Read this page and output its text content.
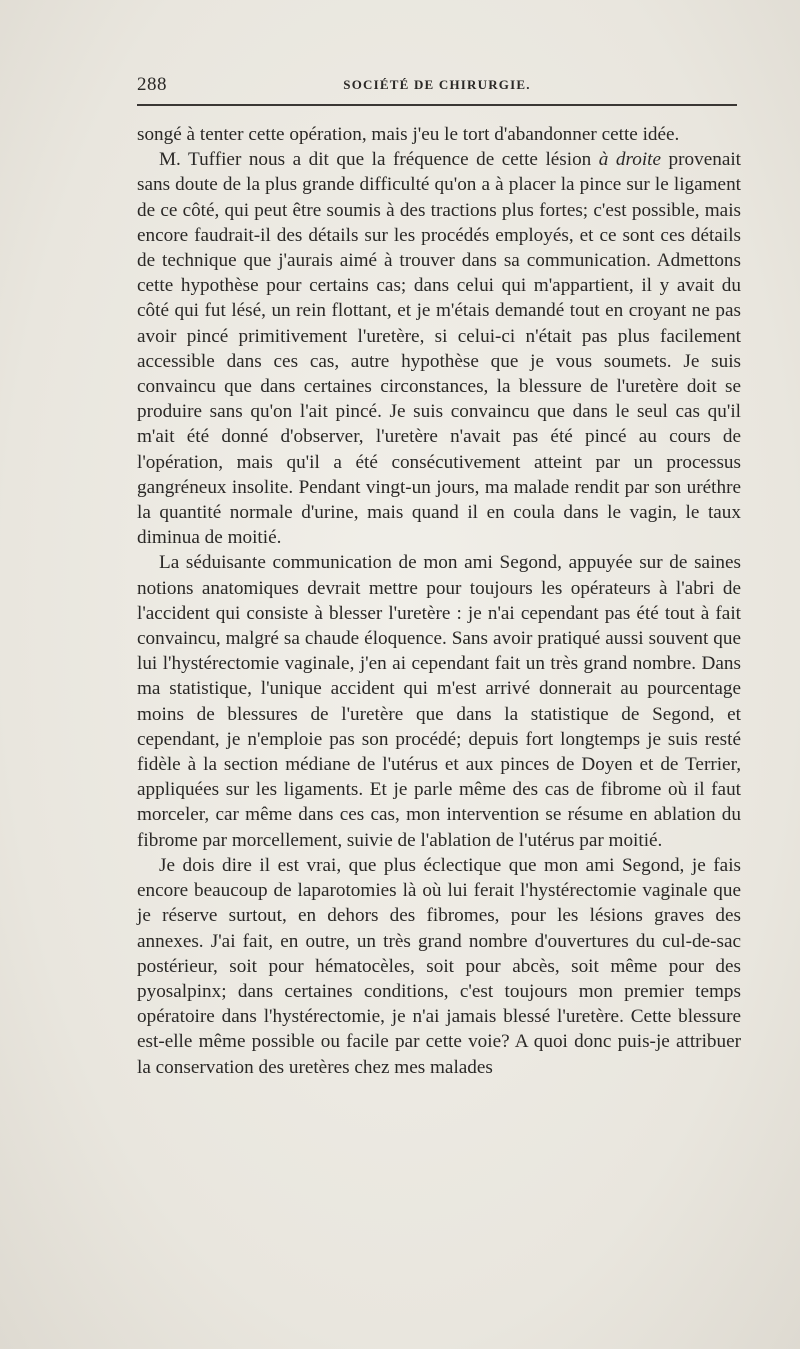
288	SOCIÉTÉ DE CHIRURGIE.

songé à tenter cette opération, mais j'eu le tort d'abandonner cette idée.

M. Tuffier nous a dit que la fréquence de cette lésion à droite provenait sans doute de la plus grande difficulté qu'on a à placer la pince sur le ligament de ce côté, qui peut être soumis à des tractions plus fortes; c'est possible, mais encore faudrait-il des détails sur les procédés employés, et ce sont ces détails de technique que j'aurais aimé à trouver dans sa communication. Admettons cette hypothèse pour certains cas; dans celui qui m'appartient, il y avait du côté qui fut lésé, un rein flottant, et je m'étais demandé tout en croyant ne pas avoir pincé primitivement l'uretère, si celui-ci n'était pas plus facilement accessible dans ces cas, autre hypothèse que je vous soumets. Je suis convaincu que dans certaines circonstances, la blessure de l'uretère doit se produire sans qu'on l'ait pincé. Je suis convaincu que dans le seul cas qu'il m'ait été donné d'observer, l'uretère n'avait pas été pincé au cours de l'opération, mais qu'il a été consécutivement atteint par un processus gangréneux insolite. Pendant vingt-un jours, ma malade rendit par son uréthre la quantité normale d'urine, mais quand il en coula dans le vagin, le taux diminua de moitié.

La séduisante communication de mon ami Segond, appuyée sur de saines notions anatomiques devrait mettre pour toujours les opérateurs à l'abri de l'accident qui consiste à blesser l'uretère : je n'ai cependant pas été tout à fait convaincu, malgré sa chaude éloquence. Sans avoir pratiqué aussi souvent que lui l'hystérectomie vaginale, j'en ai cependant fait un très grand nombre. Dans ma statistique, l'unique accident qui m'est arrivé donnerait au pourcentage moins de blessures de l'uretère que dans la statistique de Segond, et cependant, je n'emploie pas son procédé; depuis fort longtemps je suis resté fidèle à la section médiane de l'utérus et aux pinces de Doyen et de Terrier, appliquées sur les ligaments. Et je parle même des cas de fibrome où il faut morceler, car même dans ces cas, mon intervention se résume en ablation du fibrome par morcellement, suivie de l'ablation de l'utérus par moitié.

Je dois dire il est vrai, que plus éclectique que mon ami Segond, je fais encore beaucoup de laparotomies là où lui ferait l'hystérectomie vaginale que je réserve surtout, en dehors des fibromes, pour les lésions graves des annexes. J'ai fait, en outre, un très grand nombre d'ouvertures du cul-de-sac postérieur, soit pour hématocèles, soit pour abcès, soit même pour des pyosalpinx; dans certaines conditions, c'est toujours mon premier temps opératoire dans l'hystérectomie, je n'ai jamais blessé l'uretère. Cette blessure est-elle même possible ou facile par cette voie? A quoi donc puis-je attribuer la conservation des uretères chez mes malades
